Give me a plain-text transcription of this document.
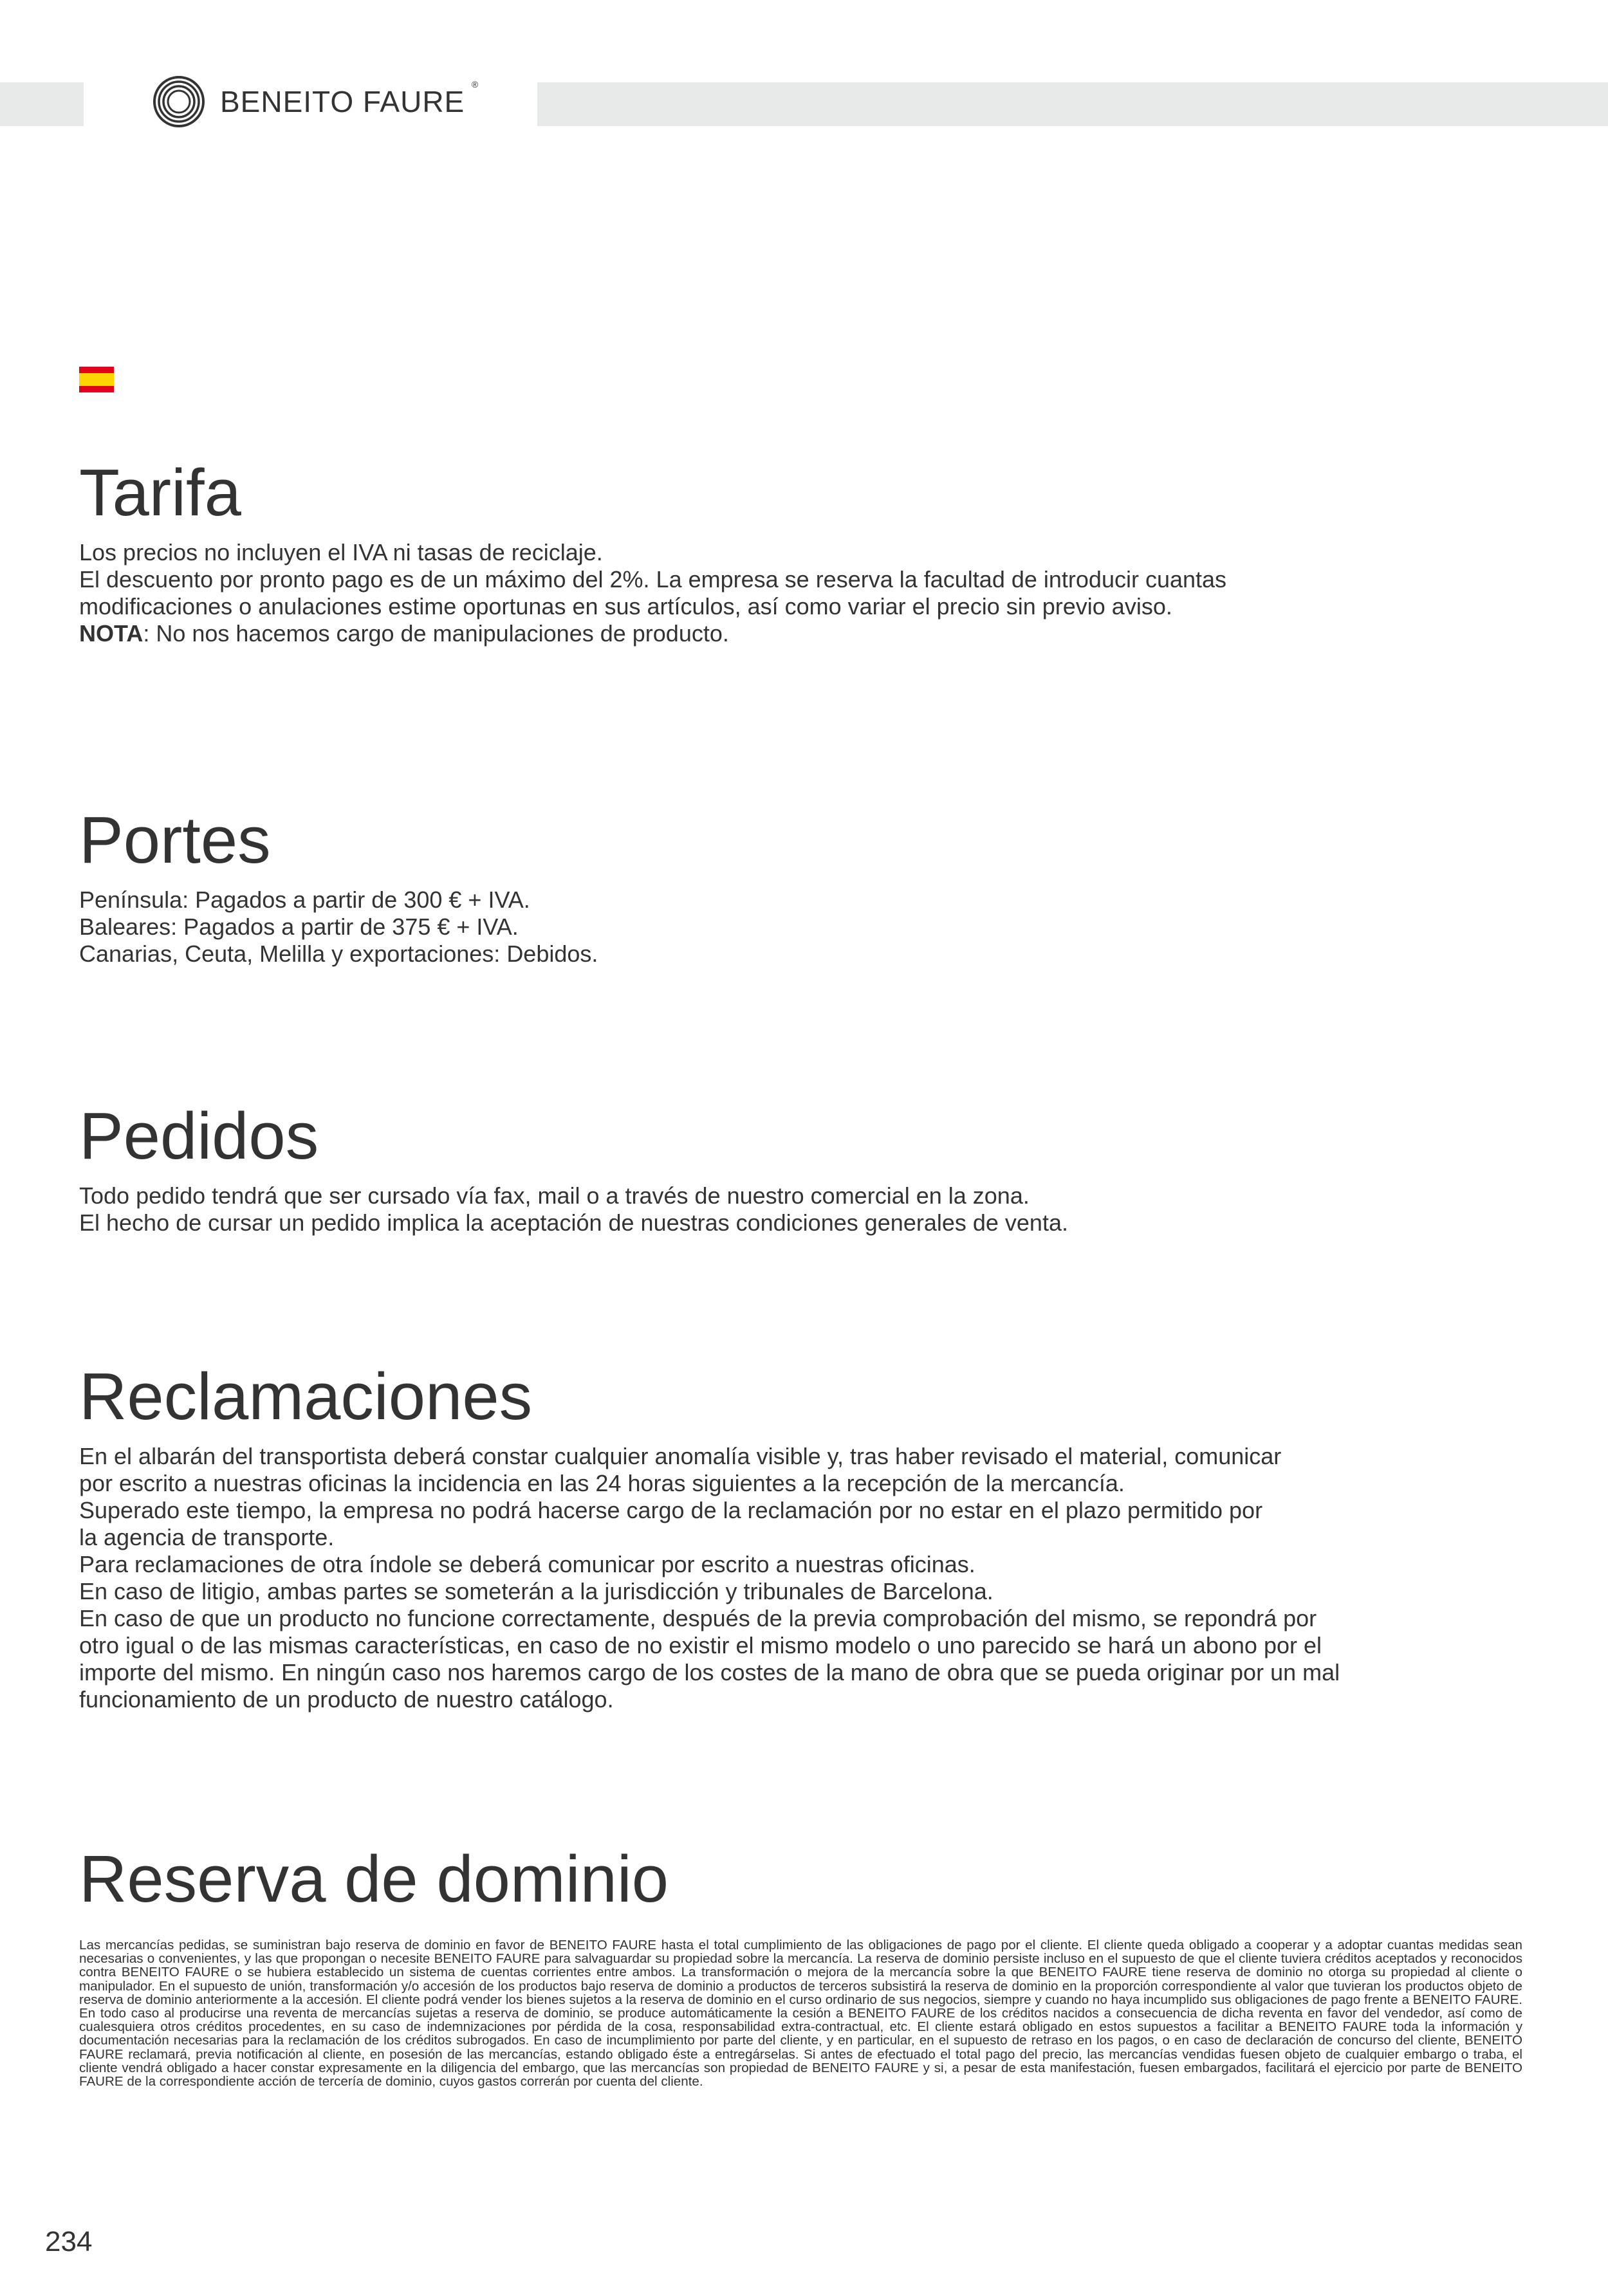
BENEITO FAURE
®
Tarifa

Los precios no incluyen el IVA ni tasas de reciclaje.

El descuento por pronto pago es de un máximo del 2%. La empresa se reserva la facultad de introducir cuantas

modificaciones o anulaciones estime oportunas en sus artículos, así como variar el precio sin previo aviso.

NOTA: No nos hacemos cargo de manipulaciones de producto.

Portes

Península: Pagados a partir de 300 € + IVA.

Baleares: Pagados a partir de 375 € + IVA.

Canarias, Ceuta, Melilla y exportaciones: Debidos.

Pedidos

Todo pedido tendrá que ser cursado vía fax, mail o a través de nuestro comercial en la zona.

El hecho de cursar un pedido implica la aceptación de nuestras condiciones generales de venta.

Reclamaciones

En el albarán del transportista deberá constar cualquier anomalía visible y, tras haber revisado el material, comunicar

por escrito a nuestras oficinas la incidencia en las 24 horas siguientes a la recepción de la mercancía.

Superado este tiempo, la empresa no podrá hacerse cargo de la reclamación por no estar en el plazo permitido por

la agencia de transporte.

Para reclamaciones de otra índole se deberá comunicar por escrito a nuestras oficinas.

En caso de litigio, ambas partes se someterán a la jurisdicción y tribunales de Barcelona.

En caso de que un producto no funcione correctamente, después de la previa comprobación del mismo, se repondrá por

otro igual o de las mismas características, en caso de no existir el mismo modelo o uno parecido se hará un abono por el

importe del mismo. En ningún caso nos haremos cargo de los costes de la mano de obra que se pueda originar por un mal

funcionamiento de un producto de nuestro catálogo.

Reserva de dominio
Las mercancías pedidas, se suministran bajo reserva de dominio en favor de BENEITO FAURE hasta el total cumplimiento de las obligaciones de pago por el cliente. El cliente queda obligado a cooperar y a adoptar cuantas medidas sean necesarias o convenientes, y las que propongan o necesite BENEITO FAURE para salvaguardar su propiedad sobre la mercancía. La reserva de dominio persiste incluso en el supuesto de que el cliente tuviera créditos aceptados y reconocidos contra BENEITO FAURE o se hubiera establecido un sistema de cuentas corrientes entre ambos. La transformación o mejora de la mercancía sobre la que BENEITO FAURE tiene reserva de dominio no otorga su propiedad al cliente o manipulador. En el supuesto de unión, transformación y/o accesión de los productos bajo reserva de dominio a productos de terceros subsistirá la reserva de dominio en la proporción correspondiente al valor que tuvieran los productos objeto de reserva de dominio anteriormente a la accesión. El cliente podrá vender los bienes sujetos a la reserva de dominio en el curso ordinario de sus negocios, siempre y cuando no haya incumplido sus obligaciones de pago frente a BENEITO FAURE. En todo caso al producirse una reventa de mercancías sujetas a reserva de dominio, se produce automáticamente la cesión a BENEITO FAURE de los créditos nacidos a consecuencia de dicha reventa en favor del vendedor, así como de cualesquiera otros créditos procedentes, en su caso de indemnizaciones por pérdida de la cosa, responsabilidad extra-contractual, etc. El cliente estará obligado en estos supuestos a facilitar a BENEITO FAURE toda la información y documentación necesarias para la reclamación de los créditos subrogados. En caso de incumplimiento por parte del cliente, y en particular, en el supuesto de retraso en los pagos, o en caso de declaración de concurso del cliente, BENEITO FAURE reclamará, previa notificación al cliente, en posesión de las mercancías, estando obligado éste a entregárselas. Si antes de efectuado el total pago del precio, las mercancías vendidas fuesen objeto de cualquier embargo o traba, el cliente vendrá obligado a hacer constar expresamente en la diligencia del embargo, que las mercancías son propiedad de BENEITO FAURE y si, a pesar de esta manifestación, fuesen embargados, facilitará el ejercicio por parte de BENEITO FAURE de la correspondiente acción de tercería de dominio, cuyos gastos correrán por cuenta del cliente.
234
